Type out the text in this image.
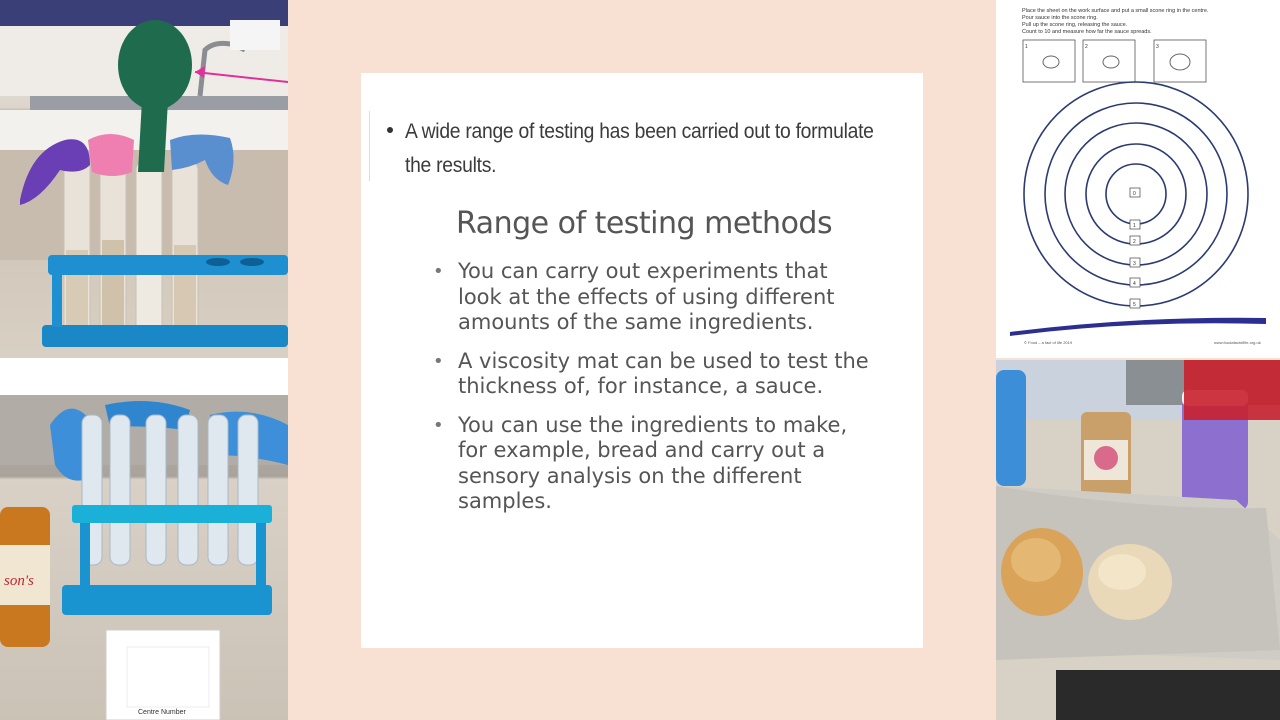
son's
Centre Number
A wide range of testing has been carried out to formulate the results.
Range of testing methods
• You can carry out experiments that look at the effects of using different amounts of the same ingredients.
• A viscosity mat can be used to test the thickness of, for instance, a sauce.
• You can use the ingredients to make, for example, bread and carry out a sensory analysis on the different samples.
Place the sheet on the work surface and put a small scone ring in the centre.
Pour sauce into the scone ring.
Pull up the scone ring, releasing the sauce.
Count to 10 and measure how far the sauce spreads.
1	2	3
0
1
2
3
4
5
© Food – a fact of life 2019	www.foodafactoflife.org.uk
